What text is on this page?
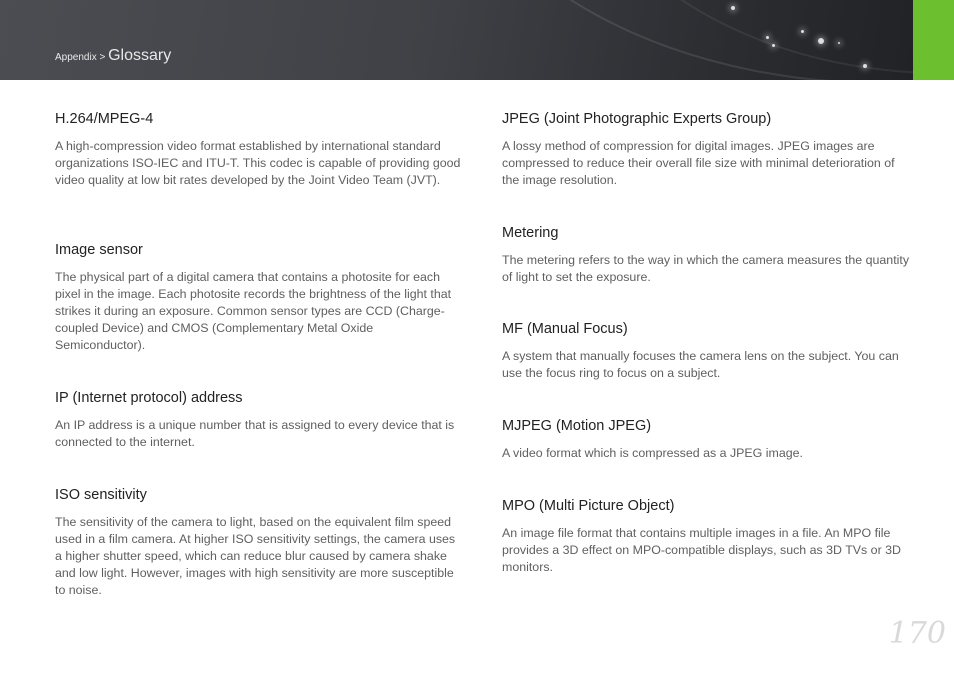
Appendix > Glossary
H.264/MPEG-4

A high-compression video format established by international standard organizations ISO-IEC and ITU-T. This codec is capable of providing good video quality at low bit rates developed by the Joint Video Team (JVT).

Image sensor

The physical part of a digital camera that contains a photosite for each pixel in the image. Each photosite records the brightness of the light that strikes it during an exposure. Common sensor types are CCD (Charge-coupled Device) and CMOS (Complementary Metal Oxide Semiconductor).

IP (Internet protocol) address

An IP address is a unique number that is assigned to every device that is connected to the internet.

ISO sensitivity

The sensitivity of the camera to light, based on the equivalent film speed used in a film camera. At higher ISO sensitivity settings, the camera uses a higher shutter speed, which can reduce blur caused by camera shake and low light. However, images with high sensitivity are more susceptible to noise.

JPEG (Joint Photographic Experts Group)

A lossy method of compression for digital images. JPEG images are compressed to reduce their overall file size with minimal deterioration of the image resolution.

Metering

The metering refers to the way in which the camera measures the quantity of light to set the exposure.

MF (Manual Focus)

A system that manually focuses the camera lens on the subject. You can use the focus ring to focus on a subject.

MJPEG (Motion JPEG)

A video format which is compressed as a JPEG image.

MPO (Multi Picture Object)

An image file format that contains multiple images in a file. An MPO file provides a 3D effect on MPO-compatible displays, such as 3D TVs or 3D monitors.

170
